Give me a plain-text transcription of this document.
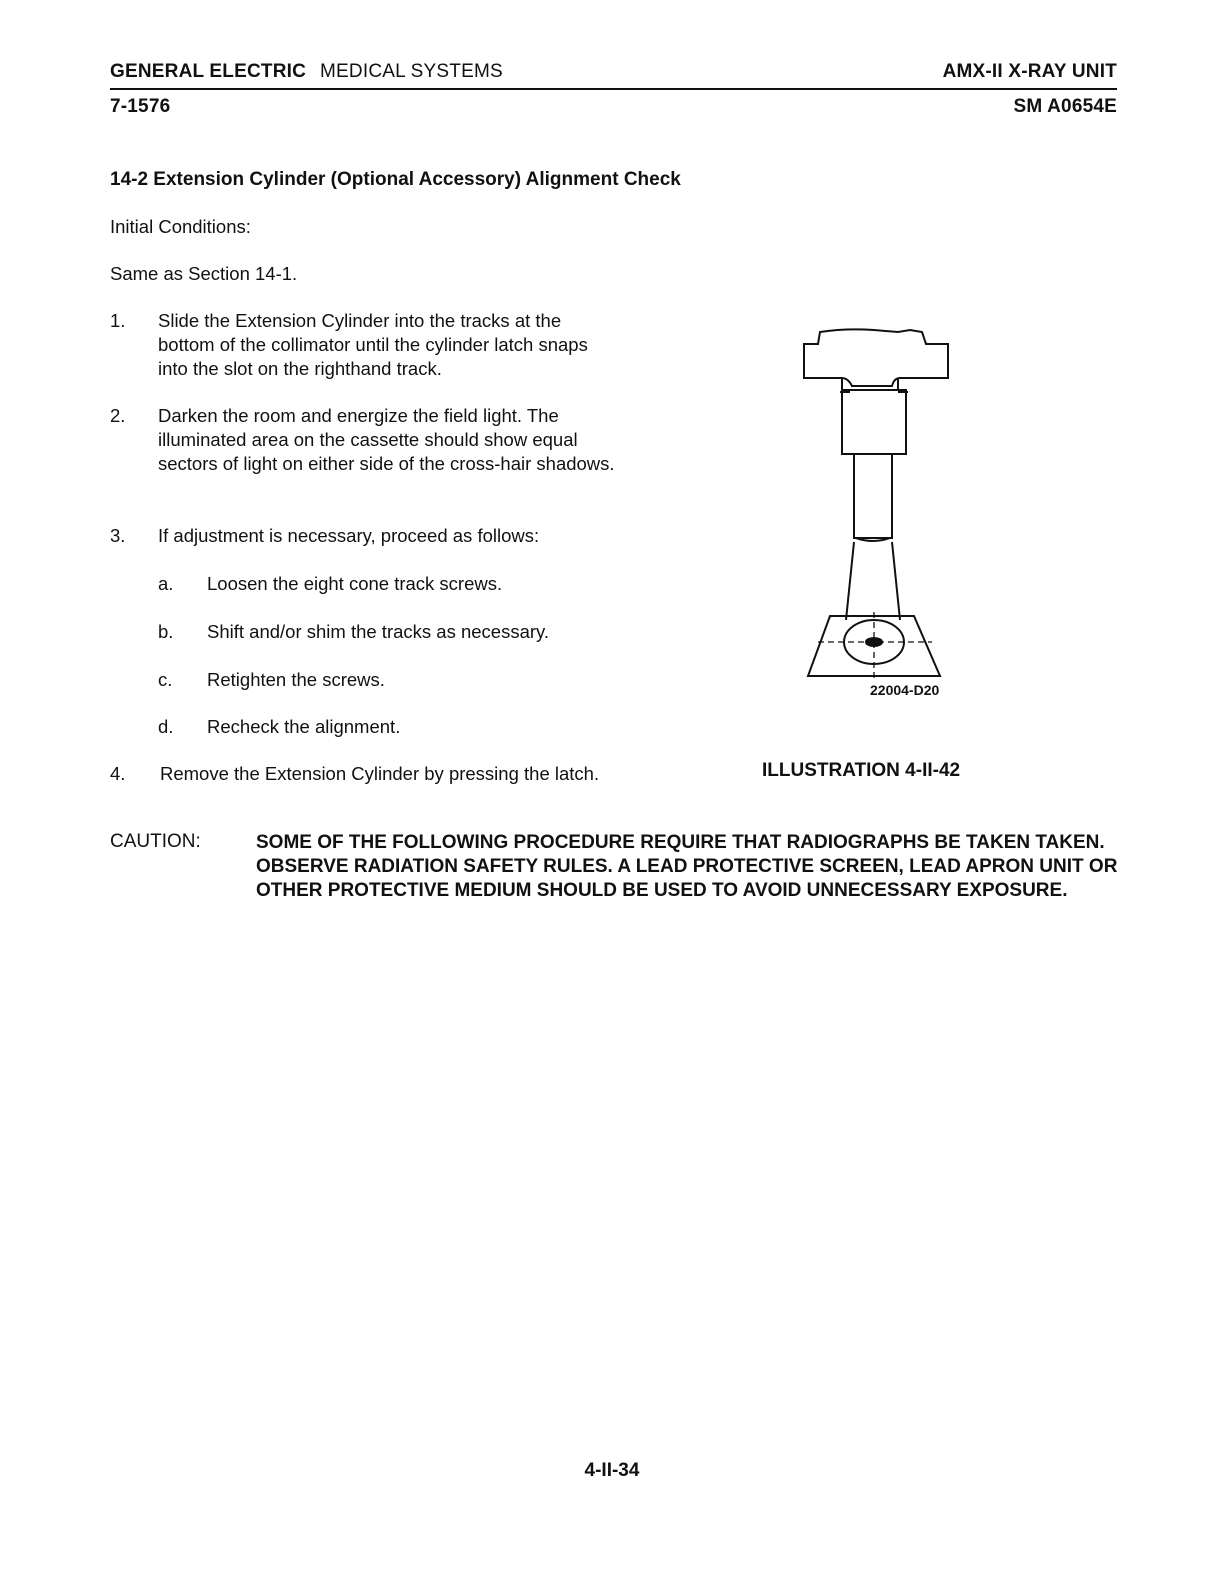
GENERAL ELECTRIC MEDICAL SYSTEMS	AMX-II X-RAY UNIT
7-1576	SM A0654E
14-2 Extension Cylinder (Optional Accessory) Alignment Check
Initial Conditions:
Same as Section 14-1.
1.	Slide the Extension Cylinder into the tracks at the bottom of the collimator until the cylinder latch snaps into the slot on the righthand track.
2.	Darken the room and energize the field light. The illuminated area on the cassette should show equal sectors of light on either side of the cross-hair shadows.
3.	If adjustment is necessary, proceed as follows:
a. Loosen the eight cone track screws.
b. Shift and/or shim the tracks as necessary.
c. Retighten the screws.
d. Recheck the alignment.
4.	Remove the Extension Cylinder by pressing the latch.
22004-D20
ILLUSTRATION 4-II-42
CAUTION:	SOME OF THE FOLLOWING PROCEDURE REQUIRE THAT RADIOGRAPHS BE TAKEN TAKEN. OBSERVE RADIATION SAFETY RULES. A LEAD PROTECTIVE SCREEN, LEAD APRON UNIT OR OTHER PROTECTIVE MEDIUM SHOULD BE USED TO AVOID UNNECESSARY EXPOSURE.
4-II-34
